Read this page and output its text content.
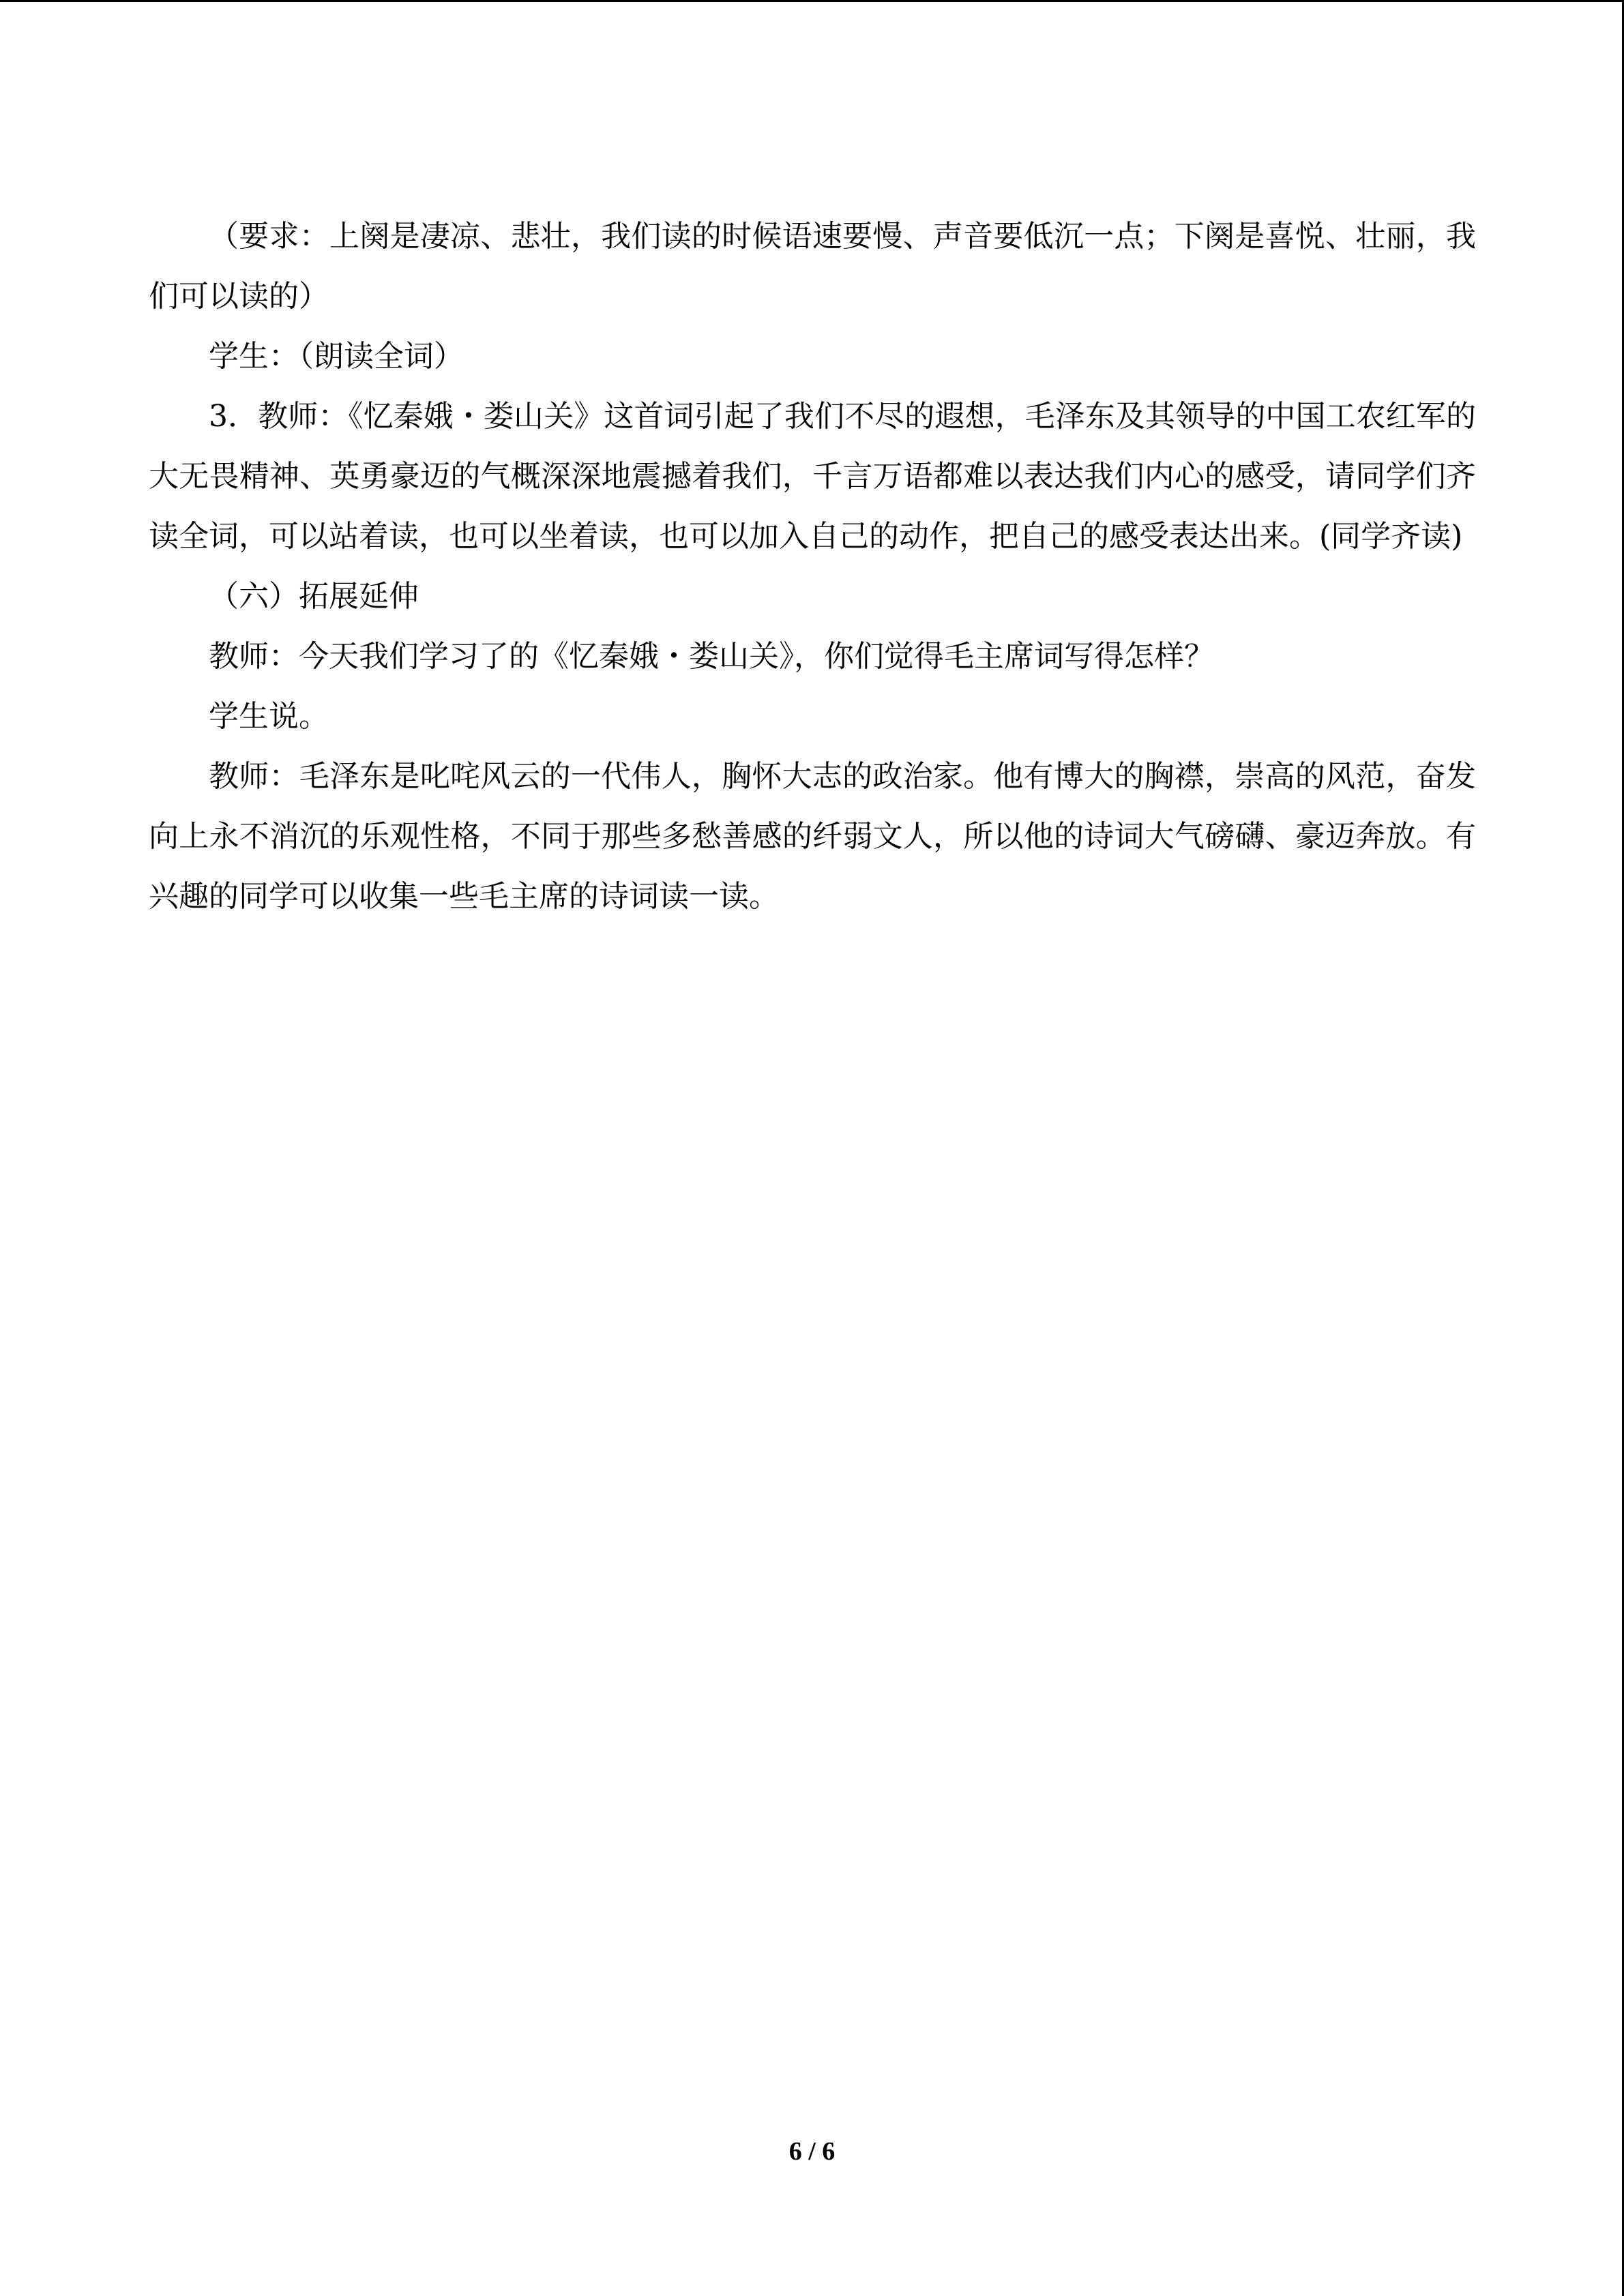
（要求：上阕是凄凉、悲壮，我们读的时候语速要慢、声音要低沉一点；下阕是喜悦、壮丽，我们可以读的）

学生：（朗读全词）

3．教师：《忆秦娥・娄山关》这首词引起了我们不尽的遐想，毛泽东及其领导的中国工农红军的大无畏精神、英勇豪迈的气概深深地震撼着我们，千言万语都难以表达我们内心的感受，请同学们齐读全词，可以站着读，也可以坐着读，也可以加入自己的动作，把自己的感受表达出来。(同学齐读)

（六）拓展延伸

教师：今天我们学习了的《忆秦娥・娄山关》，你们觉得毛主席词写得怎样？

学生说。

教师：毛泽东是叱咤风云的一代伟人，胸怀大志的政治家。他有博大的胸襟，崇高的风范，奋发向上永不消沉的乐观性格，不同于那些多愁善感的纤弱文人，所以他的诗词大气磅礴、豪迈奔放。有兴趣的同学可以收集一些毛主席的诗词读一读。

6 / 6
